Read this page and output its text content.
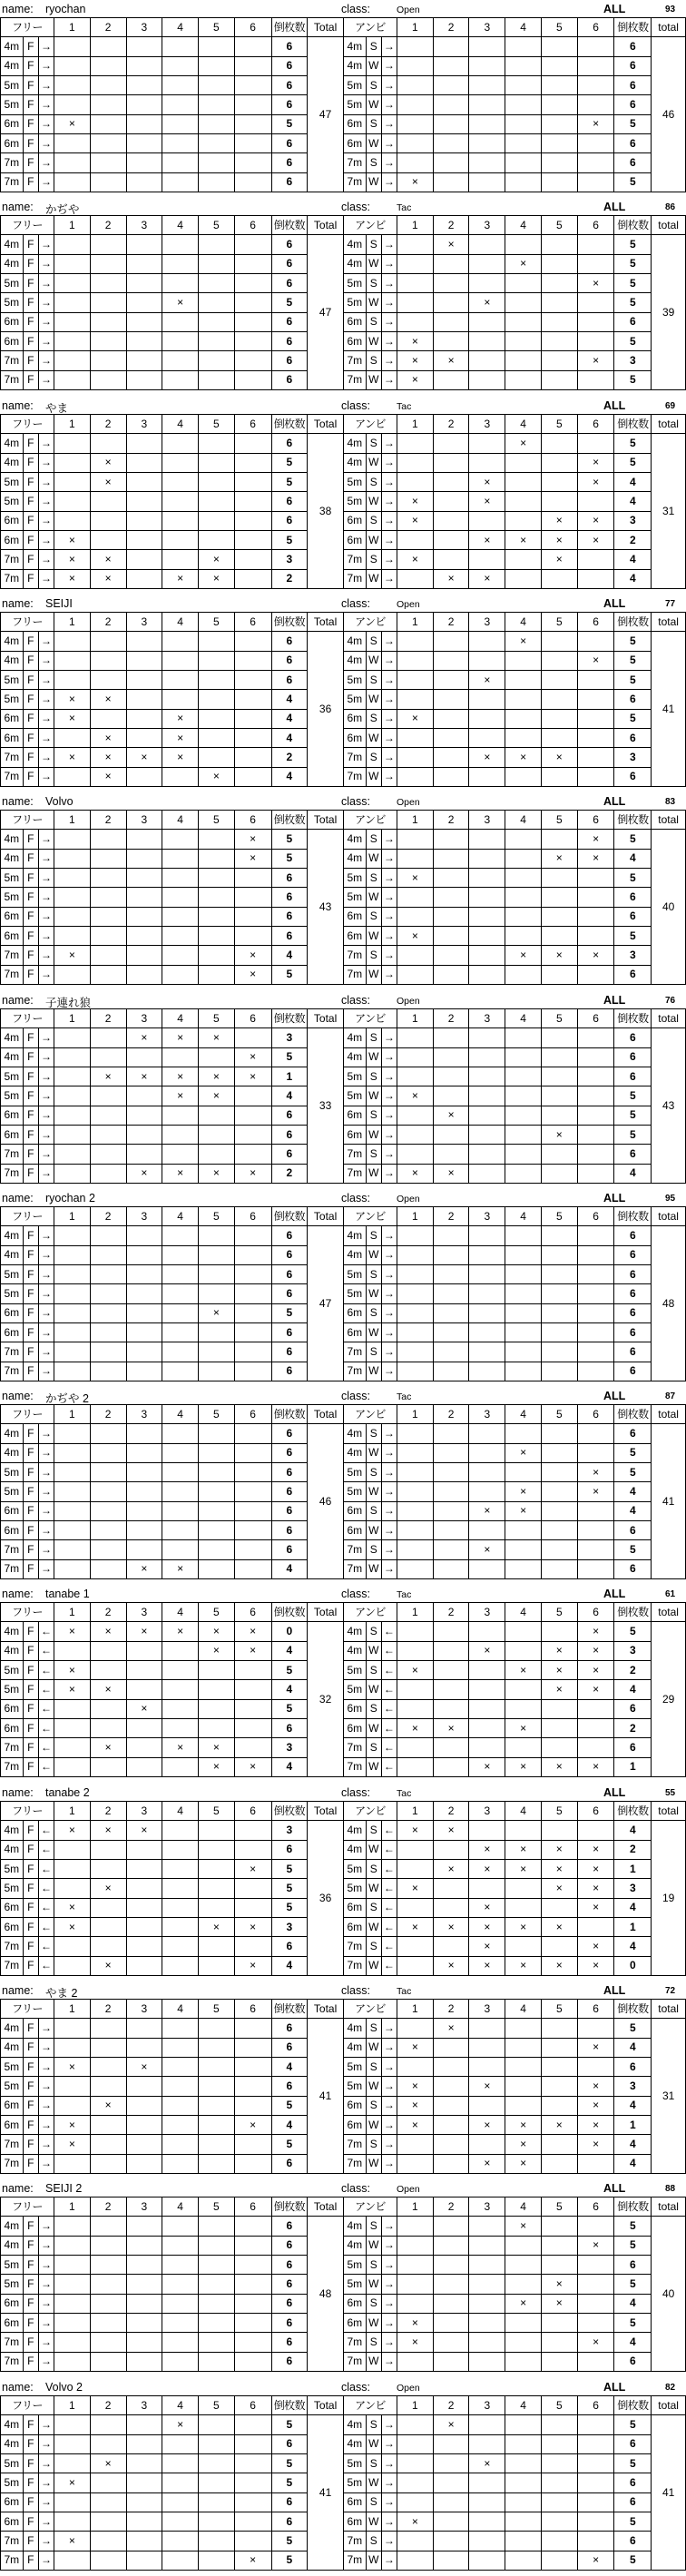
name: ryochan	class:	Open	ALL	93
フリー			1	2	3	4	5	6	倒枚数	Total	アンビ			1	2	3	4	5	6	倒枚数	total
4m	F	→							6	47	4m	S	→							6	46
4m	F	→							6		4m	W	→							6	
5m	F	→							6		5m	S	→							6	
5m	F	→							6		5m	W	→							6	
6m	F	→	×						5		6m	S	→						×	5	
6m	F	→							6		6m	W	→							6	
7m	F	→							6		7m	S	→							6	
7m	F	→							6		7m	W	→	×						5	
name: かぢや	class:	Tac	ALL	86
フリー			1	2	3	4	5	6	倒枚数	Total	アンビ			1	2	3	4	5	6	倒枚数	total
4m	F	→							6	47	4m	S	→		×					5	39
4m	F	→							6		4m	W	→				×			5	
5m	F	→							6		5m	S	→						×	5	
5m	F	→				×			5		5m	W	→			×				5	
6m	F	→							6		6m	S	→							6	
6m	F	→							6		6m	W	→	×						5	
7m	F	→							6		7m	S	→	×	×				×	3	
7m	F	→							6		7m	W	→	×						5	
name: やま	class:	Tac	ALL	69
フリー			1	2	3	4	5	6	倒枚数	Total	アンビ			1	2	3	4	5	6	倒枚数	total
4m	F	→							6	38	4m	S	→				×			5	31
4m	F	→		×					5		4m	W	→						×	5	
5m	F	→		×					5		5m	S	→			×			×	4	
5m	F	→							6		5m	W	→	×		×				4	
6m	F	→							6		6m	S	→	×				×	×	3	
6m	F	→	×						5		6m	W	→			×	×	×	×	2	
7m	F	→	×	×			×		3		7m	S	→	×				×		4	
7m	F	→	×	×		×	×		2		7m	W	→		×	×				4	
name: SEIJI	class:	Open	ALL	77
フリー			1	2	3	4	5	6	倒枚数	Total	アンビ			1	2	3	4	5	6	倒枚数	total
4m	F	→							6	36	4m	S	→				×			5	41
4m	F	→							6		4m	W	→						×	5	
5m	F	→							6		5m	S	→			×				5	
5m	F	→	×	×					4		5m	W	→							6	
6m	F	→	×			×			4		6m	S	→	×						5	
6m	F	→		×		×			4		6m	W	→							6	
7m	F	→	×	×	×	×			2		7m	S	→			×	×	×		3	
7m	F	→		×			×		4		7m	W	→							6	
name: Volvo	class:	Open	ALL	83
フリー			1	2	3	4	5	6	倒枚数	Total	アンビ			1	2	3	4	5	6	倒枚数	total
4m	F	→						×	5	43	4m	S	→						×	5	40
4m	F	→						×	5		4m	W	→					×	×	4	
5m	F	→							6		5m	S	→	×						5	
5m	F	→							6		5m	W	→							6	
6m	F	→							6		6m	S	→							6	
6m	F	→							6		6m	W	→	×						5	
7m	F	→	×					×	4		7m	S	→				×	×	×	3	
7m	F	→						×	5		7m	W	→							6	
name: 子連れ狼	class:	Open	ALL	76
フリー			1	2	3	4	5	6	倒枚数	Total	アンビ			1	2	3	4	5	6	倒枚数	total
4m	F	→			×	×	×		3	33	4m	S	→							6	43
4m	F	→						×	5		4m	W	→							6	
5m	F	→		×	×	×	×	×	1		5m	S	→							6	
5m	F	→				×	×		4		5m	W	→	×						5	
6m	F	→							6		6m	S	→		×					5	
6m	F	→							6		6m	W	→					×		5	
7m	F	→							6		7m	S	→							6	
7m	F	→			×	×	×	×	2		7m	W	→	×	×					4	
name: ryochan 2	class:	Open	ALL	95
フリー			1	2	3	4	5	6	倒枚数	Total	アンビ			1	2	3	4	5	6	倒枚数	total
4m	F	→							6	47	4m	S	→							6	48
4m	F	→							6		4m	W	→							6	
5m	F	→							6		5m	S	→							6	
5m	F	→							6		5m	W	→							6	
6m	F	→					×		5		6m	S	→							6	
6m	F	→							6		6m	W	→							6	
7m	F	→							6		7m	S	→							6	
7m	F	→							6		7m	W	→							6	
name: かぢや 2	class:	Tac	ALL	87
フリー			1	2	3	4	5	6	倒枚数	Total	アンビ			1	2	3	4	5	6	倒枚数	total
4m	F	→							6	46	4m	S	→							6	41
4m	F	→							6		4m	W	→				×			5	
5m	F	→							6		5m	S	→						×	5	
5m	F	→							6		5m	W	→				×		×	4	
6m	F	→							6		6m	S	→			×	×			4	
6m	F	→							6		6m	W	→							6	
7m	F	→							6		7m	S	→			×				5	
7m	F	→			×	×			4		7m	W	→							6	
name: tanabe 1	class:	Tac	ALL	61
フリー			1	2	3	4	5	6	倒枚数	Total	アンビ			1	2	3	4	5	6	倒枚数	total
4m	F	←	×	×	×	×	×	×	0	32	4m	S	←						×	5	29
4m	F	←					×	×	4		4m	W	←			×		×	×	3	
5m	F	←	×						5		5m	S	←	×			×	×	×	2	
5m	F	←	×	×					4		5m	W	←					×	×	4	
6m	F	←			×				5		6m	S	←							6	
6m	F	←							6		6m	W	←	×	×		×			2	
7m	F	←		×		×	×		3		7m	S	←							6	
7m	F	←					×	×	4		7m	W	←			×	×	×	×	1	
name: tanabe 2	class:	Tac	ALL	55
フリー			1	2	3	4	5	6	倒枚数	Total	アンビ			1	2	3	4	5	6	倒枚数	total
4m	F	←	×	×	×				3	36	4m	S	←	×	×					4	19
4m	F	←							6		4m	W	←			×	×	×	×	2	
5m	F	←						×	5		5m	S	←		×	×	×	×	×	1	
5m	F	←		×					5		5m	W	←	×				×	×	3	
6m	F	←	×						5		6m	S	←			×			×	4	
6m	F	←	×				×	×	3		6m	W	←	×	×	×	×	×		1	
7m	F	←							6		7m	S	←			×			×	4	
7m	F	←		×				×	4		7m	W	←		×	×	×	×	×	0	
name: やま 2	class:	Tac	ALL	72
フリー			1	2	3	4	5	6	倒枚数	Total	アンビ			1	2	3	4	5	6	倒枚数	total
4m	F	→							6	41	4m	S	→		×					5	31
4m	F	→							6		4m	W	→	×					×	4	
5m	F	→	×		×				4		5m	S	→							6	
5m	F	→							6		5m	W	→	×		×			×	3	
6m	F	→		×					5		6m	S	→	×					×	4	
6m	F	→	×					×	4		6m	W	→	×		×	×	×	×	1	
7m	F	→	×						5		7m	S	→				×		×	4	
7m	F	→							6		7m	W	→			×	×			4	
name: SEIJI 2	class:	Open	ALL	88
フリー			1	2	3	4	5	6	倒枚数	Total	アンビ			1	2	3	4	5	6	倒枚数	total
4m	F	→							6	48	4m	S	→				×			5	40
4m	F	→							6		4m	W	→						×	5	
5m	F	→							6		5m	S	→							6	
5m	F	→							6		5m	W	→					×		5	
6m	F	→							6		6m	S	→				×	×		4	
6m	F	→							6		6m	W	→	×						5	
7m	F	→							6		7m	S	→	×					×	4	
7m	F	→							6		7m	W	→							6	
name: Volvo 2	class:	Open	ALL	82
フリー			1	2	3	4	5	6	倒枚数	Total	アンビ			1	2	3	4	5	6	倒枚数	total
4m	F	→				×			5	41	4m	S	→		×					5	41
4m	F	→							6		4m	W	→							6	
5m	F	→		×					5		5m	S	→			×				5	
5m	F	→	×						5		5m	W	→							6	
6m	F	→							6		6m	S	→							6	
6m	F	→							6		6m	W	→	×						5	
7m	F	→	×						5		7m	S	→							6	
7m	F	→						×	5		7m	W	→						×	5	
